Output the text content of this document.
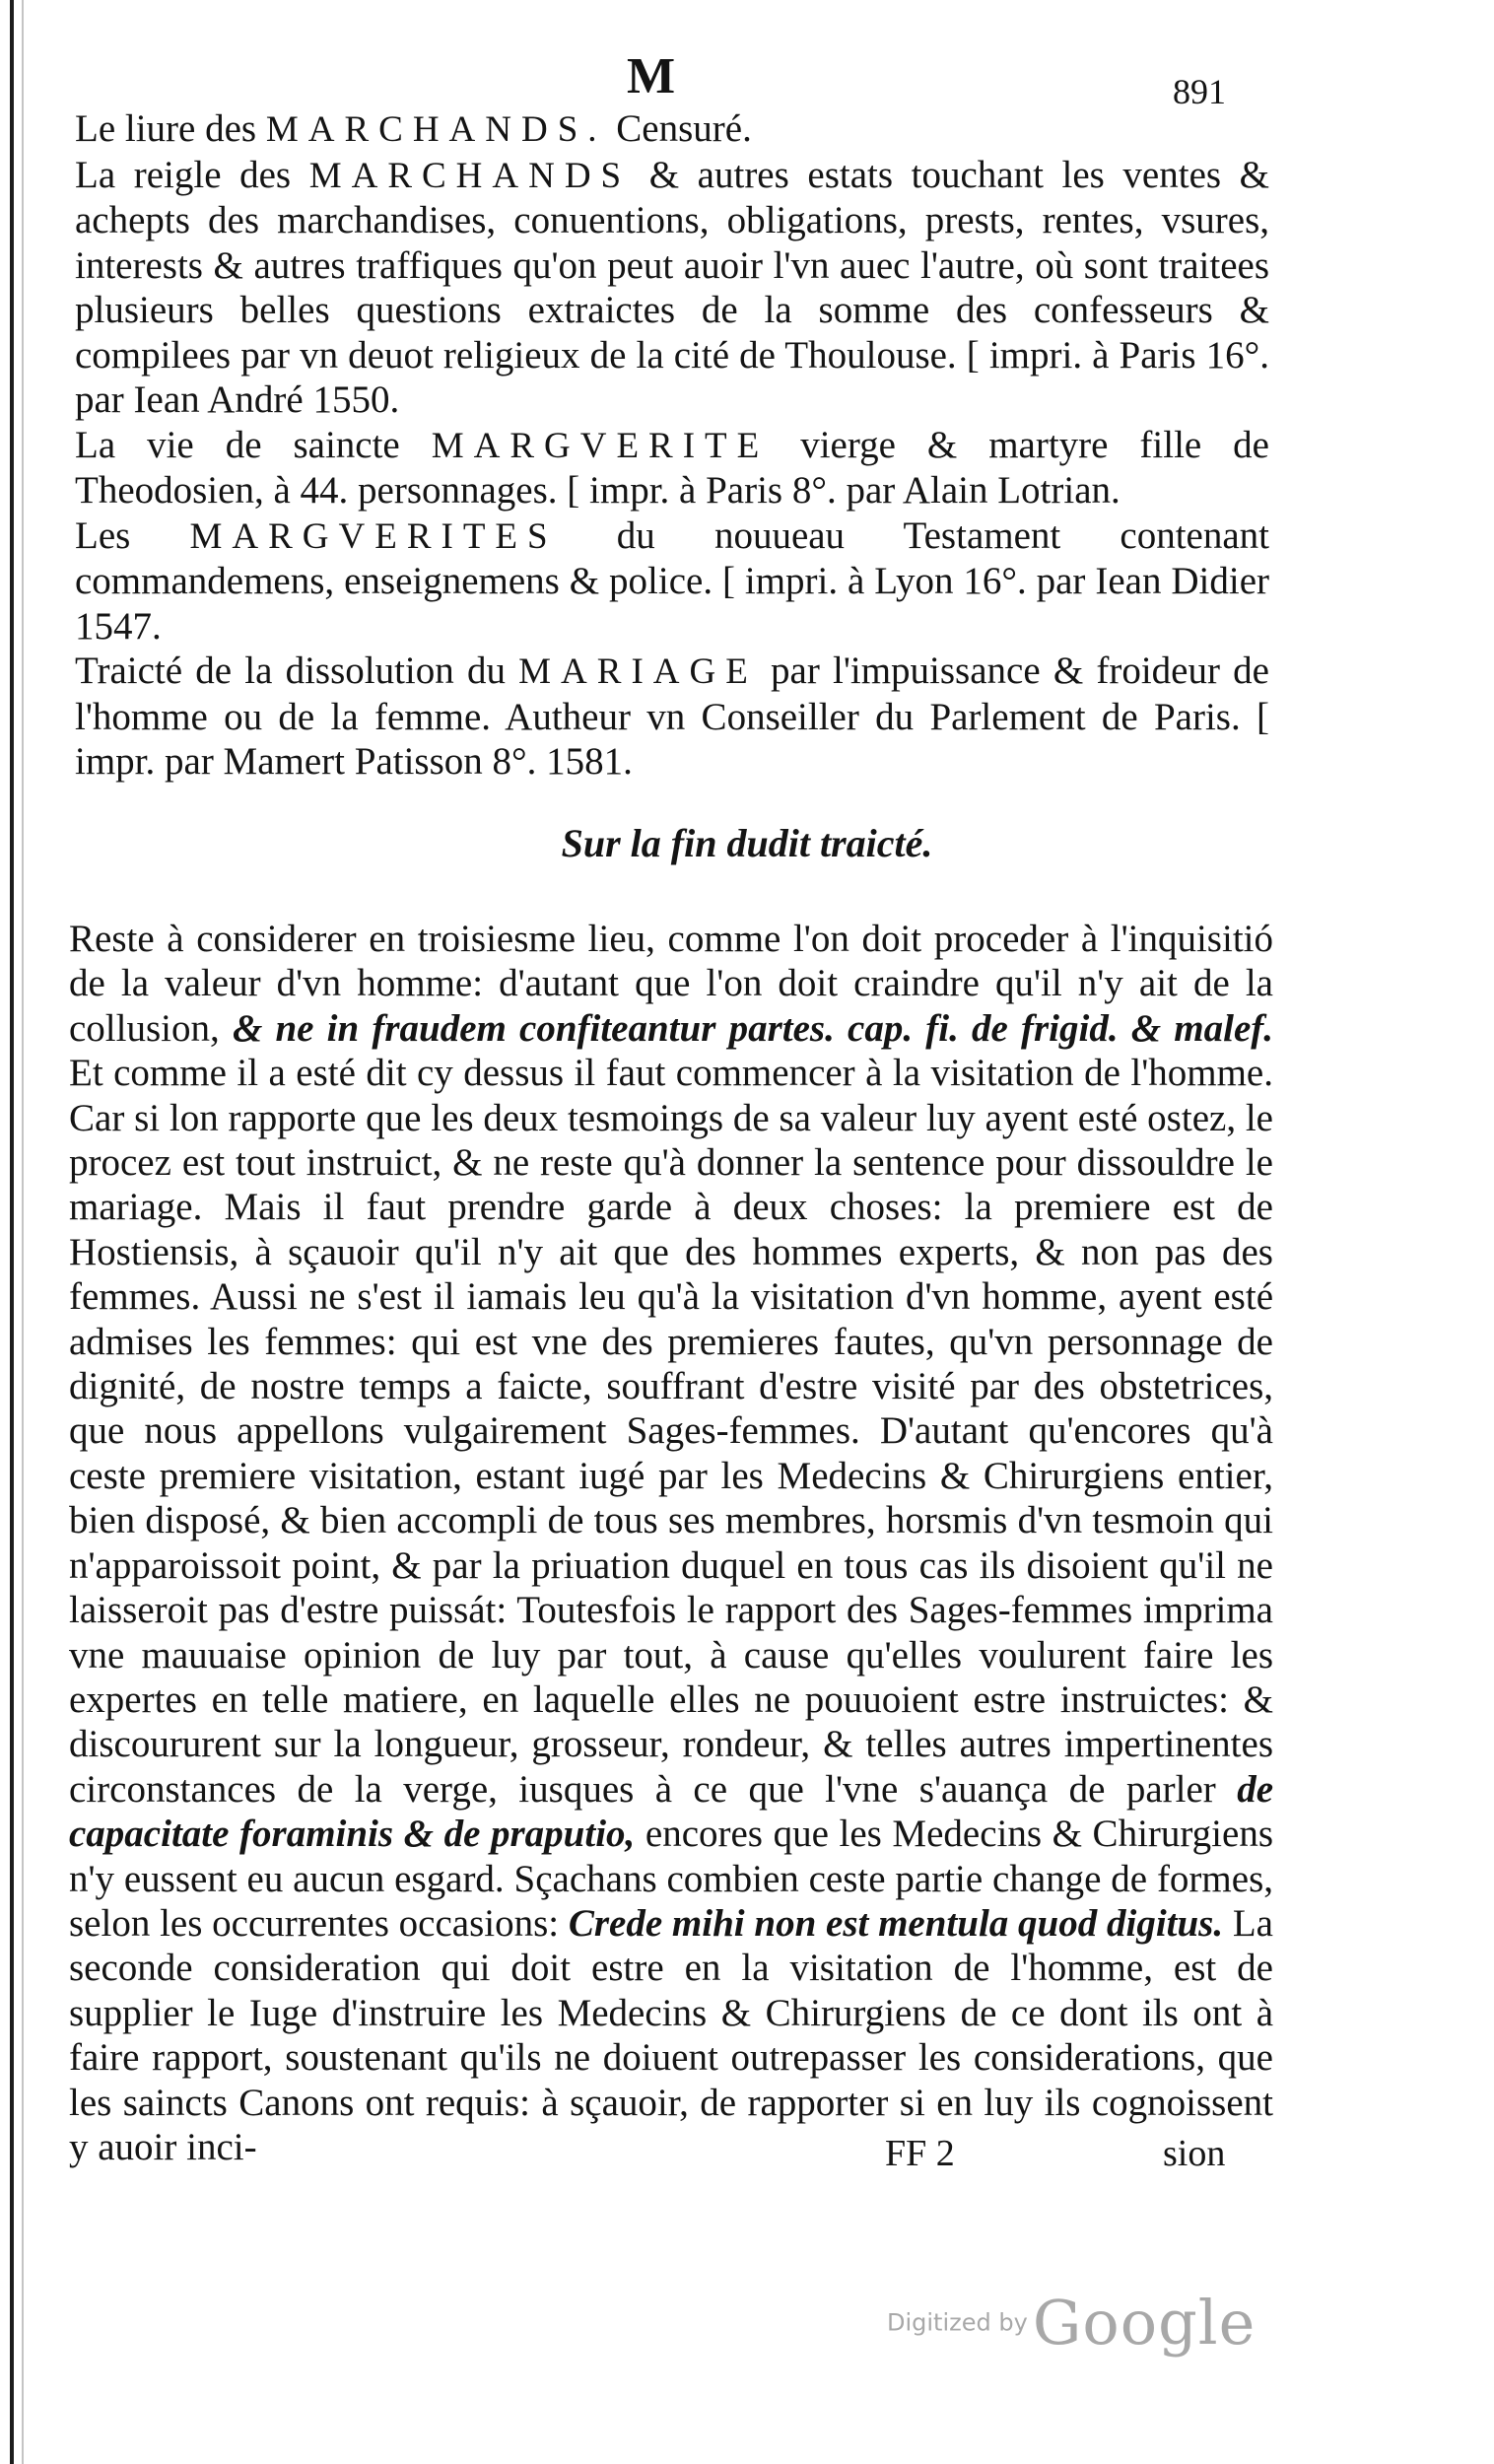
M	891

Le liure des MARCHANDS. Censuré.

La reigle des MARCHANDS & autres estats touchant les ventes & achepts des marchandises, conuentions, obligations, prests, rentes, vsures, interests & autres traffiques qu'on peut auoir l'vn auec l'autre, où sont traitees plusieurs belles questions extraictes de la somme des confesseurs & compilees par vn deuot religieux de la cité de Thoulouse. [ impri. à Paris 16°. par Iean André 1550.

La vie de saincte MARGVERITE vierge & martyre fille de Theodosien, à 44. personnages. [ impr. à Paris 8°. par Alain Lotrian.

Les MARGVERITES du nouueau Testament contenant commandemens, enseignemens & police. [ impri. à Lyon 16°. par Iean Didier 1547.

Traicté de la dissolution du MARIAGE par l'impuissance & froideur de l'homme ou de la femme. Autheur vn Conseiller du Parlement de Paris. [ impr. par Mamert Patisson 8°. 1581.

Sur la fin dudit traicté.

Reste à considerer en troisiesme lieu, comme l'on doit proceder à l'inquisitió de la valeur d'vn homme: d'autant que l'on doit craindre qu'il n'y ait de la collusion, & ne in fraudem confiteantur partes. cap. fi. de frigid. & malef. Et comme il a esté dit cy dessus il faut commencer à la visitation de l'homme. Car si lon rapporte que les deux tesmoings de sa valeur luy ayent esté ostez, le procez est tout instruict, & ne reste qu'à donner la sentence pour dissouldre le mariage. Mais il faut prendre garde à deux choses: la premiere est de Hostiensis, à sçauoir qu'il n'y ait que des hommes experts, & non pas des femmes. Aussi ne s'est il iamais leu qu'à la visitation d'vn homme, ayent esté admises les femmes: qui est vne des premieres fautes, qu'vn personnage de dignité, de nostre temps a faicte, souffrant d'estre visité par des obstetrices, que nous appellons vulgairement Sages-femmes. D'autant qu'encores qu'à ceste premiere visitation, estant iugé par les Medecins & Chirurgiens entier, bien disposé, & bien accompli de tous ses membres, horsmis d'vn tesmoin qui n'apparoissoit point, & par la priuation duquel en tous cas ils disoient qu'il ne laisseroit pas d'estre puissát: Toutesfois le rapport des Sages-femmes imprima vne mauuaise opinion de luy par tout, à cause qu'elles voulurent faire les expertes en telle matiere, en laquelle elles ne pouuoient estre instruictes: & discoururent sur la longueur, grosseur, rondeur, & telles autres impertinentes circonstances de la verge, iusques à ce que l'vne s'auança de parler de capacitate foraminis & de praputio, encores que les Medecins & Chirurgiens n'y eussent eu aucun esgard. Sçachans combien ceste partie change de formes, selon les occurrentes occasions: Crede mihi non est mentula quod digitus. La seconde consideration qui doit estre en la visitation de l'homme, est de supplier le Iuge d'instruire les Medecins & Chirurgiens de ce dont ils ont à faire rapport, soustenant qu'ils ne doiuent outrepasser les considerations, que les saincts Canons ont requis: à sçauoir, de rapporter si en luy ils cognoissent y auoir inci-	FF 2	sion
Digitized by Google
